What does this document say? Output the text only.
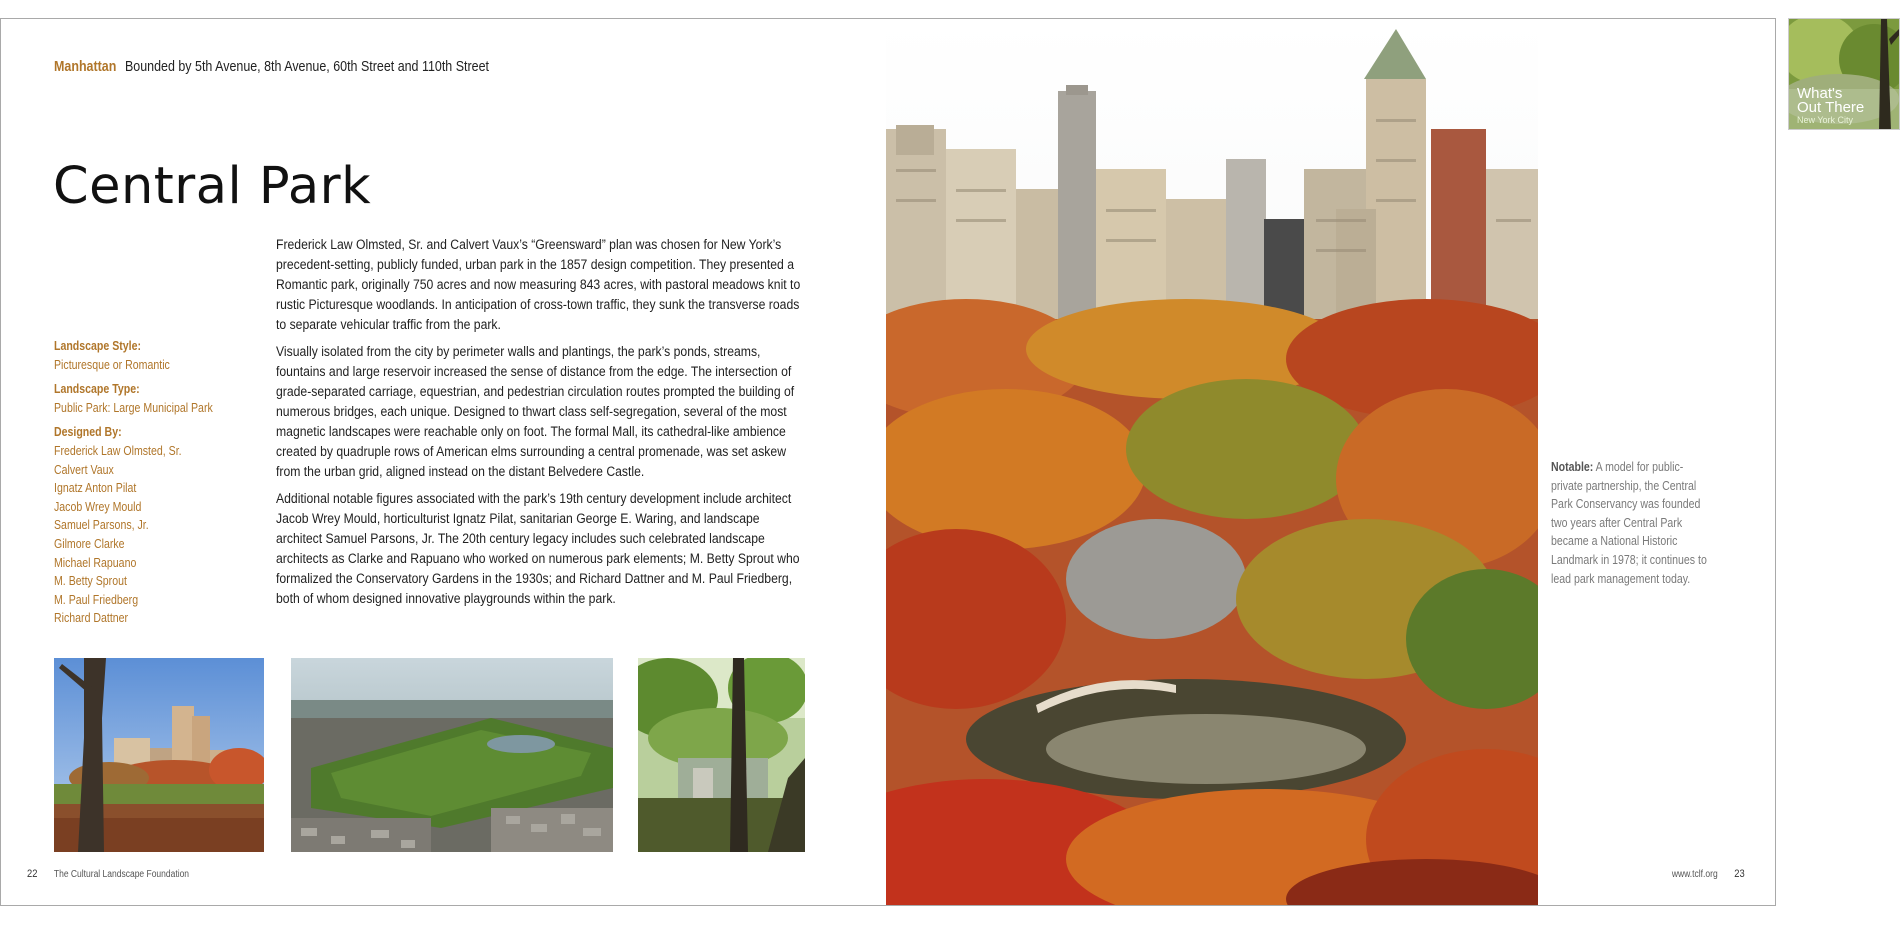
Manhattan Bounded by 5th Avenue, 8th Avenue, 60th Street and 110th Street
Central Park

Frederick Law Olmsted, Sr. and Calvert Vaux’s “Greensward” plan was chosen for New York’s precedent-setting, publicly funded, urban park in the 1857 design competition. They presented a Romantic park, originally 750 acres and now measuring 843 acres, with pastoral meadows knit to rustic Picturesque woodlands. In anticipation of cross-town traffic, they sunk the transverse roads to separate vehicular traffic from the park.

Visually isolated from the city by perimeter walls and plantings, the park’s ponds, streams, fountains and large reservoir increased the sense of distance from the edge. The intersection of grade-separated carriage, equestrian, and pedestrian circulation routes prompted the building of numerous bridges, each unique. Designed to thwart class self-segregation, several of the most magnetic landscapes were reachable only on foot. The formal Mall, its cathedral-like ambience created by quadruple rows of American elms surrounding a central promenade, was set askew from the urban grid, aligned instead on the distant Belvedere Castle.

Additional notable figures associated with the park’s 19th century development include architect Jacob Wrey Mould, horticulturist Ignatz Pilat, sanitarian George E. Waring, and landscape architect Samuel Parsons, Jr. The 20th century legacy includes such celebrated landscape architects as Clarke and Rapuano who worked on numerous park elements; M. Betty Sprout who formalized the Conservatory Gardens in the 1930s; and Richard Dattner and M. Paul Friedberg, both of whom designed innovative playgrounds within the park.

Landscape Style:
Picturesque or Romantic
Landscape Type:
Public Park: Large Municipal Park
Designed By:
Frederick Law Olmsted, Sr.
Calvert Vaux
Ignatz Anton Pilat
Jacob Wrey Mould
Samuel Parsons, Jr.
Gilmore Clarke
Michael Rapuano
M. Betty Sprout
M. Paul Friedberg
Richard Dattner
Notable: A model for public-private partnership, the Central Park Conservancy was founded two years after Central Park became a National Historic Landmark in 1978; it continues to lead park management today.
22 The Cultural Landscape Foundation	www.tclf.org 23
What's
Out There
New York City
